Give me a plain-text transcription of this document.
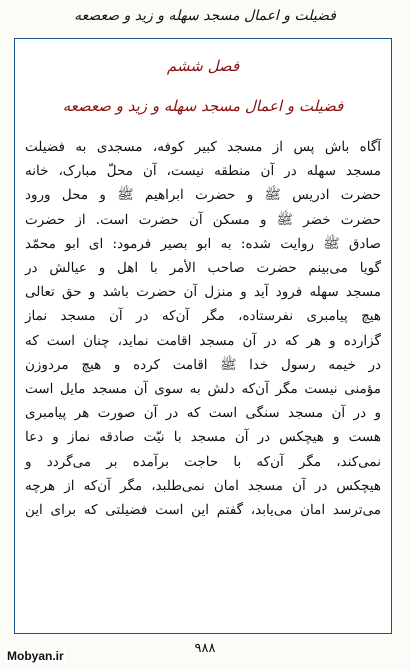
فضیلت و اعمال مسجد سهله و زید و صعصعه
فصل ششم
فضیلت و اعمال مسجد سهله و زید و صعصعه
آگاه باش پس از مسجد کبیر کوفه، مسجدی به فضیلت
مسجد سهله در آن منطقه نیست، آن محلّ مبارک، خانه
حضرت ادریس ﷺ و حضرت ابراهیم ﷺ و محل ورود
حضرت خضر ﷺ و مسکن آن حضرت است. از حضرت
صادق ﷺ روایت شده: به ابو بصیر فرمود: ای ابو محمّد
گویا می‌بینم حضرت صاحب الأمر با اهل و عیالش در
مسجد سهله فرود آید و منزل آن حضرت باشد و حق تعالی
هیچ پیامبری نفرستاده، مگر آن‌که در آن مسجد نماز
گزارده و هر که در آن مسجد اقامت نماید، چنان است که
در خیمه رسول خدا ﷺ اقامت کرده و هیچ مردوزن
مؤمنی نیست مگر آن‌که دلش به سوی آن مسجد مایل است
و در آن مسجد سنگی است که در آن صورت هر پیامبری
هست و هیچکس در آن مسجد با نیّت صادقه نماز و دعا
نمی‌کند، مگر آن‌که با حاجت برآمده بر می‌گردد و
هیچکس در آن مسجد امان نمی‌طلبد، مگر آن‌که از هرچه
می‌ترسد امان می‌یابد، گفتم این است فضیلتی که برای این
۹۸۸
Mobyan.ir
